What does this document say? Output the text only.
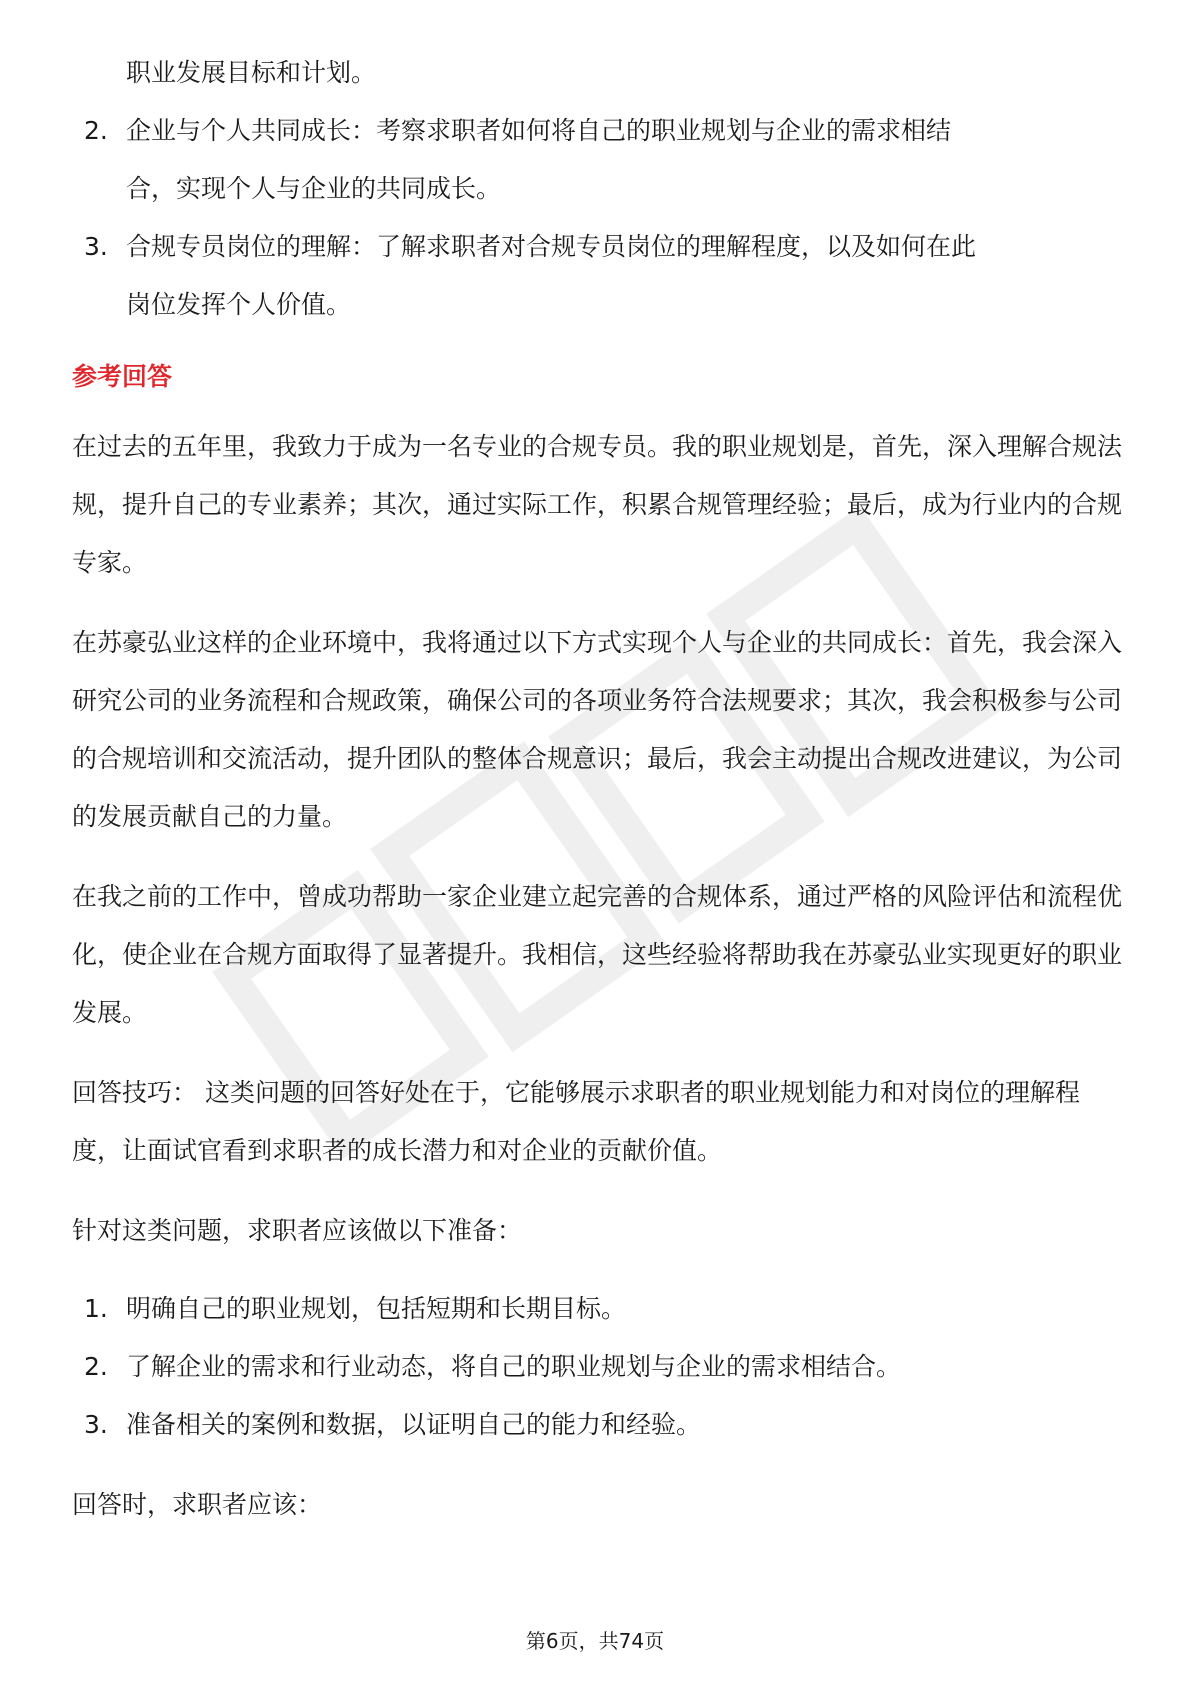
职业发展目标和计划。
2. 企业与个人共同成长：考察求职者如何将自己的职业规划与企业的需求相结
合，实现个人与企业的共同成长。
3. 合规专员岗位的理解：了解求职者对合规专员岗位的理解程度，以及如何在此
岗位发挥个人价值。
参考回答

在过去的五年里，我致力于成为一名专业的合规专员。我的职业规划是，首先，深入理解合规法规，提升自己的专业素养；其次，通过实际工作，积累合规管理经验；最后，成为行业内的合规专家。

在苏豪弘业这样的企业环境中，我将通过以下方式实现个人与企业的共同成长：首先，我会深入研究公司的业务流程和合规政策，确保公司的各项业务符合法规要求；其次，我会积极参与公司的合规培训和交流活动，提升团队的整体合规意识；最后，我会主动提出合规改进建议，为公司的发展贡献自己的力量。

在我之前的工作中，曾成功帮助一家企业建立起完善的合规体系，通过严格的风险评估和流程优化，使企业在合规方面取得了显著提升。我相信，这些经验将帮助我在苏豪弘业实现更好的职业发展。

回答技巧： 这类问题的回答好处在于，它能够展示求职者的职业规划能力和对岗位的理解程度，让面试官看到求职者的成长潜力和对企业的贡献价值。

针对这类问题，求职者应该做以下准备：

1. 明确自己的职业规划，包括短期和长期目标。
2. 了解企业的需求和行业动态，将自己的职业规划与企业的需求相结合。
3. 准备相关的案例和数据，以证明自己的能力和经验。

回答时，求职者应该：

第6页，共74页
